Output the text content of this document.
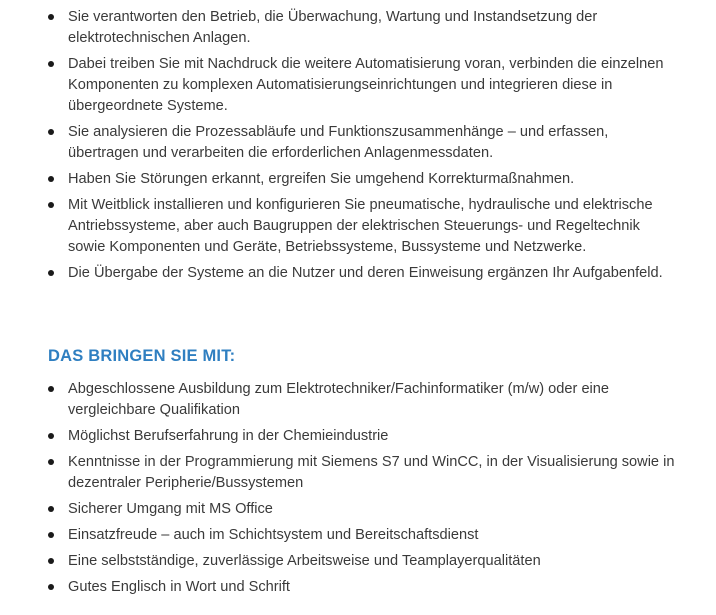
Sie verantworten den Betrieb, die Überwachung, Wartung und Instandsetzung der elektrotechnischen Anlagen.
Dabei treiben Sie mit Nachdruck die weitere Automatisierung voran, verbinden die einzelnen Komponenten zu komplexen Automatisierungseinrichtungen und integrieren diese in übergeordnete Systeme.
Sie analysieren die Prozessabläufe und Funktionszusammenhänge – und erfassen, übertragen und verarbeiten die erforderlichen Anlagenmessdaten.
Haben Sie Störungen erkannt, ergreifen Sie umgehend Korrekturmaßnahmen.
Mit Weitblick installieren und konfigurieren Sie pneumatische, hydraulische und elektrische Antriebssysteme, aber auch Baugruppen der elektrischen Steuerungs- und Regeltechnik sowie Komponenten und Geräte, Betriebssysteme, Bussysteme und Netzwerke.
Die Übergabe der Systeme an die Nutzer und deren Einweisung ergänzen Ihr Aufgabenfeld.
DAS BRINGEN SIE MIT:
Abgeschlossene Ausbildung zum Elektrotechniker/Fachinformatiker (m/w) oder eine vergleichbare Qualifikation
Möglichst Berufserfahrung in der Chemieindustrie
Kenntnisse in der Programmierung mit Siemens S7 und WinCC, in der Visualisierung sowie in dezentraler Peripherie/Bussystemen
Sicherer Umgang mit MS Office
Einsatzfreude – auch im Schichtsystem und Bereitschaftsdienst
Eine selbstständige, zuverlässige Arbeitsweise und Teamplayerqualitäten
Gutes Englisch in Wort und Schrift
